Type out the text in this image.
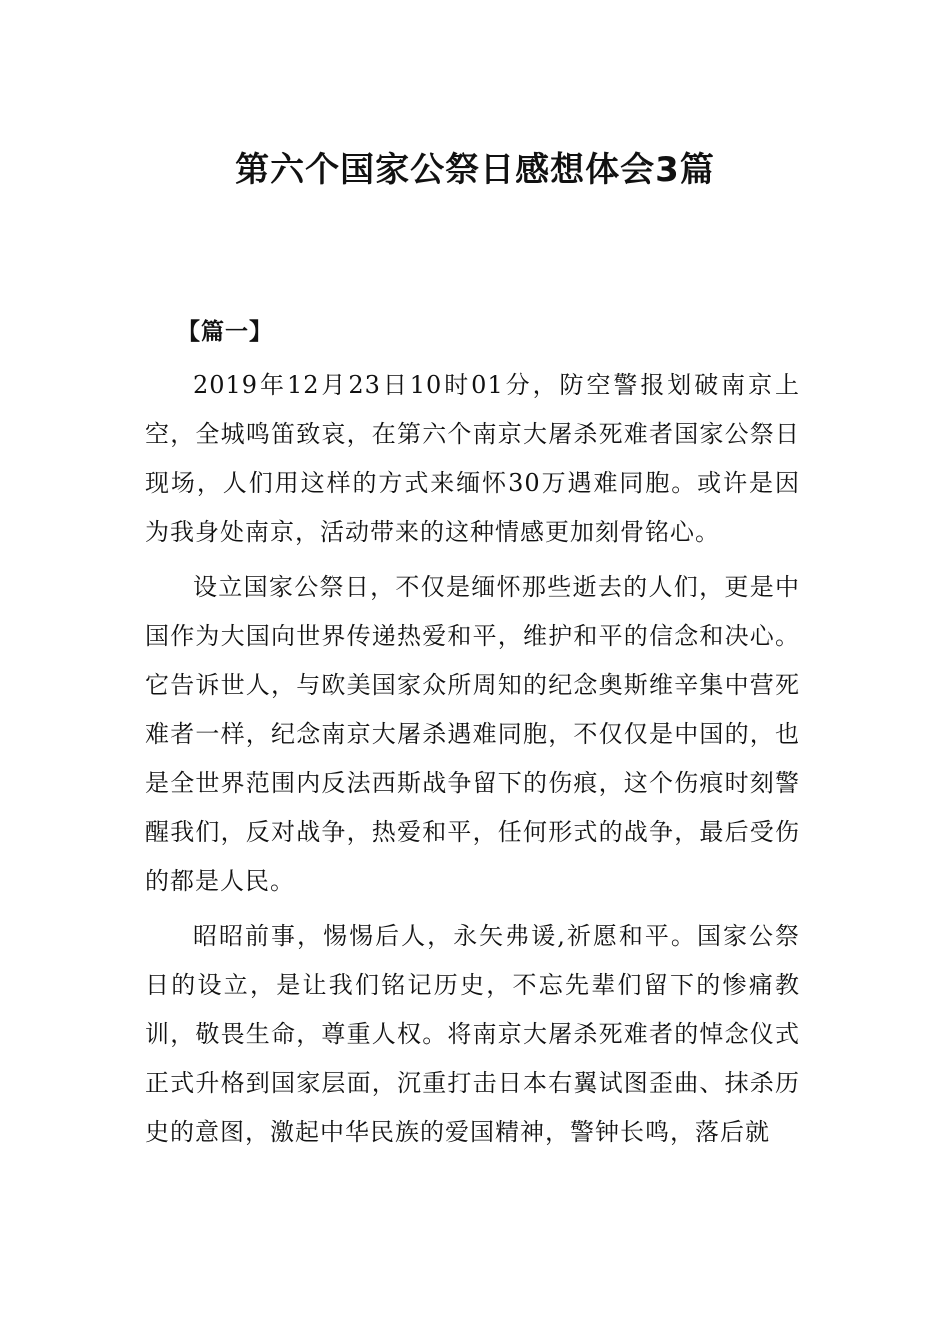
第六个国家公祭日感想体会3篇
【篇一】

2019年12月23日10时01分，防空警报划破南京上空，全城鸣笛致哀，在第六个南京大屠杀死难者国家公祭日现场，人们用这样的方式来缅怀30万遇难同胞。或许是因为我身处南京，活动带来的这种情感更加刻骨铭心。

设立国家公祭日，不仅是缅怀那些逝去的人们，更是中国作为大国向世界传递热爱和平，维护和平的信念和决心。它告诉世人，与欧美国家众所周知的纪念奥斯维辛集中营死难者一样，纪念南京大屠杀遇难同胞，不仅仅是中国的，也是全世界范围内反法西斯战争留下的伤痕，这个伤痕时刻警醒我们，反对战争，热爱和平，任何形式的战争，最后受伤的都是人民。

昭昭前事，惕惕后人，永矢弗谖,祈愿和平。国家公祭日的设立，是让我们铭记历史，不忘先辈们留下的惨痛教训，敬畏生命，尊重人权。将南京大屠杀死难者的悼念仪式正式升格到国家层面，沉重打击日本右翼试图歪曲、抹杀历史的意图，激起中华民族的爱国精神，警钟长鸣，落后就
